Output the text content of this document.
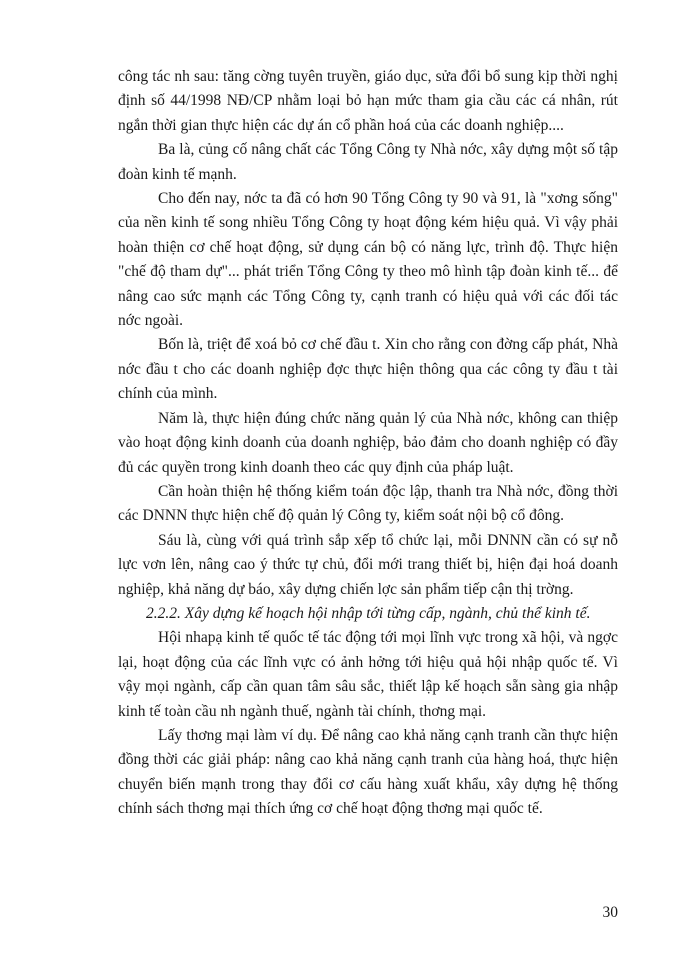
công tác nh sau: tăng cờng tuyên truyền, giáo dục, sửa đổi bổ sung kịp thời nghị định số 44/1998 NĐ/CP nhằm loại bỏ hạn mức tham gia cầu các cá nhân, rút ngắn thời gian thực hiện các dự án cổ phần hoá của các doanh nghiệp....

Ba là, củng cố nâng chất các Tổng Công ty Nhà nớc, xây dựng một số tập đoàn kinh tế mạnh.

Cho đến nay, nớc ta đã có hơn 90 Tổng Công ty 90 và 91, là "xơng sống" của nền kinh tế song nhiều Tổng Công ty hoạt động kém hiệu quả. Vì vậy phải hoàn thiện cơ chế hoạt động, sử dụng cán bộ có năng lực, trình độ. Thực hiện "chế độ tham dự"... phát triển Tổng Công ty theo mô hình tập đoàn kinh tế... để nâng cao sức mạnh các Tổng Công ty, cạnh tranh có hiệu quả với các đối tác nớc ngoài.

Bốn là, triệt để xoá bỏ cơ chế đầu t. Xin cho rằng con đờng cấp phát, Nhà nớc đầu t cho các doanh nghiệp đợc thực hiện thông qua các công ty đầu t tài chính của mình.

Năm là, thực hiện đúng chức năng quản lý của Nhà nớc, không can thiệp vào hoạt động kinh doanh của doanh nghiệp, bảo đảm cho doanh nghiệp có đầy đủ các quyền trong kinh doanh theo các quy định của pháp luật.

Cần hoàn thiện hệ thống kiểm toán độc lập, thanh tra Nhà nớc, đồng thời các DNNN thực hiện chế độ quản lý Công ty, kiểm soát nội bộ cổ đông.

Sáu là, cùng với quá trình sắp xếp tổ chức lại, mỗi DNNN cần có sự nỗ lực vơn lên, nâng cao ý thức tự chủ, đổi mới trang thiết bị, hiện đại hoá doanh nghiệp, khả năng dự báo, xây dựng chiến lợc sản phẩm tiếp cận thị trờng.

2.2.2. Xây dựng kế hoạch hội nhập tới từng cấp, ngành, chủ thể kinh tế.

Hội nhapạ kinh tế quốc tế tác động tới mọi lĩnh vực trong xã hội, và ngợc lại, hoạt động của các lĩnh vực có ảnh hởng tới hiệu quả hội nhập quốc tế. Vì vậy mọi ngành, cấp cần quan tâm sâu sắc, thiết lập kế hoạch sẵn sàng gia nhập kinh tế toàn cầu nh ngành thuế, ngành tài chính, thơng mại.

Lấy thơng mại làm ví dụ. Để nâng cao khả năng cạnh tranh cần thực hiện đồng thời các giải pháp: nâng cao khả năng cạnh tranh của hàng hoá, thực hiện chuyển biến mạnh trong thay đổi cơ cấu hàng xuất khẩu, xây dựng hệ thống chính sách thơng mại thích ứng cơ chế hoạt động thơng mại quốc tế.

30
